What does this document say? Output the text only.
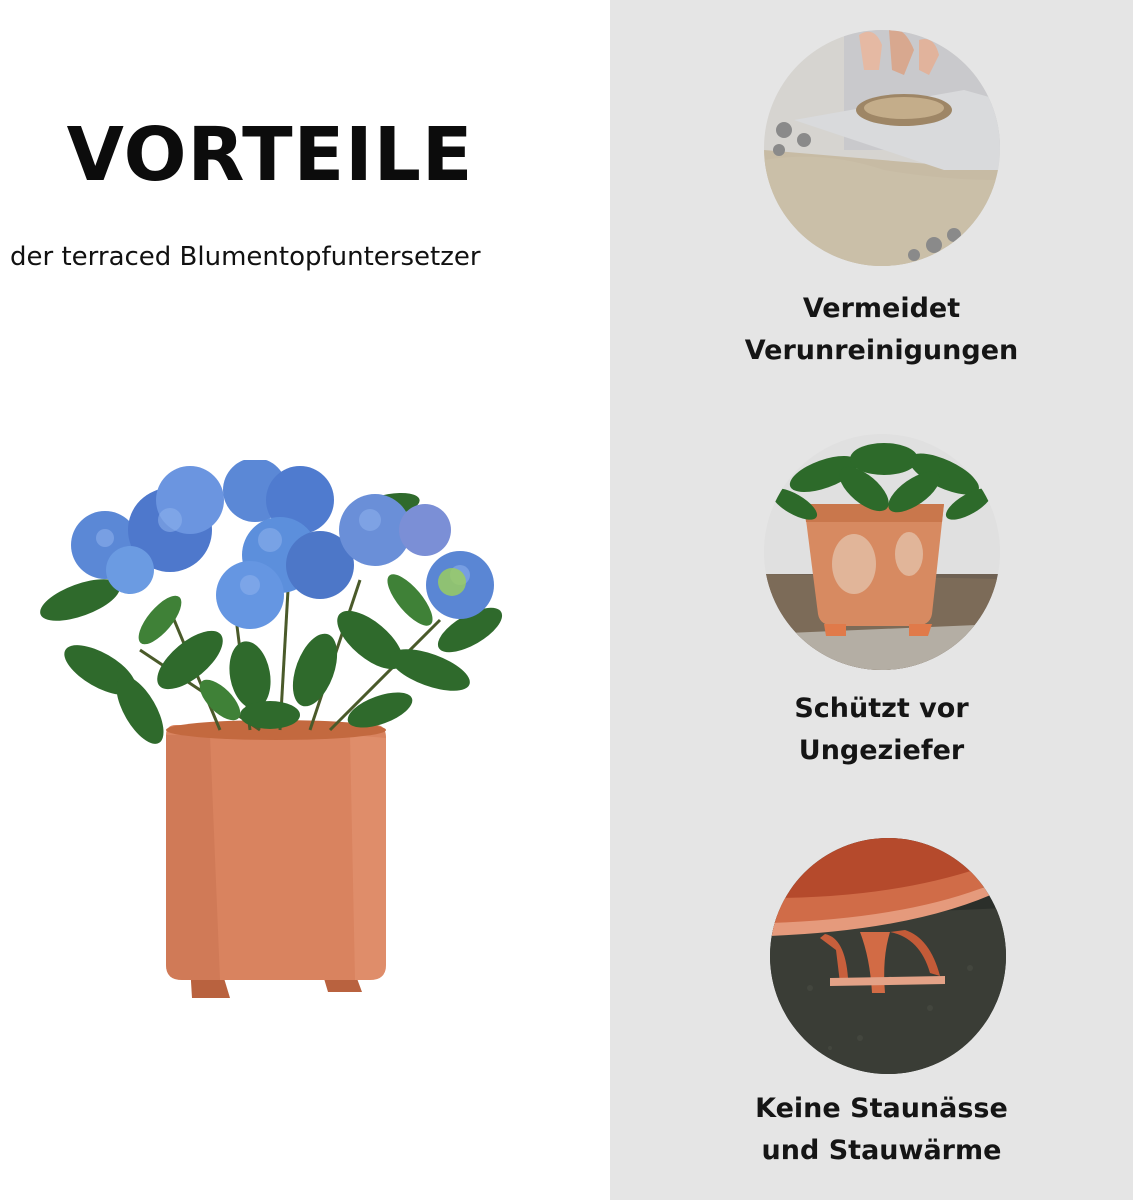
VORTEILE
der terraced Blumentopfuntersetzer
Vermeidet
Verunreinigungen
Schützt vor
Ungeziefer
Keine Staunässe
und Stauwärme
